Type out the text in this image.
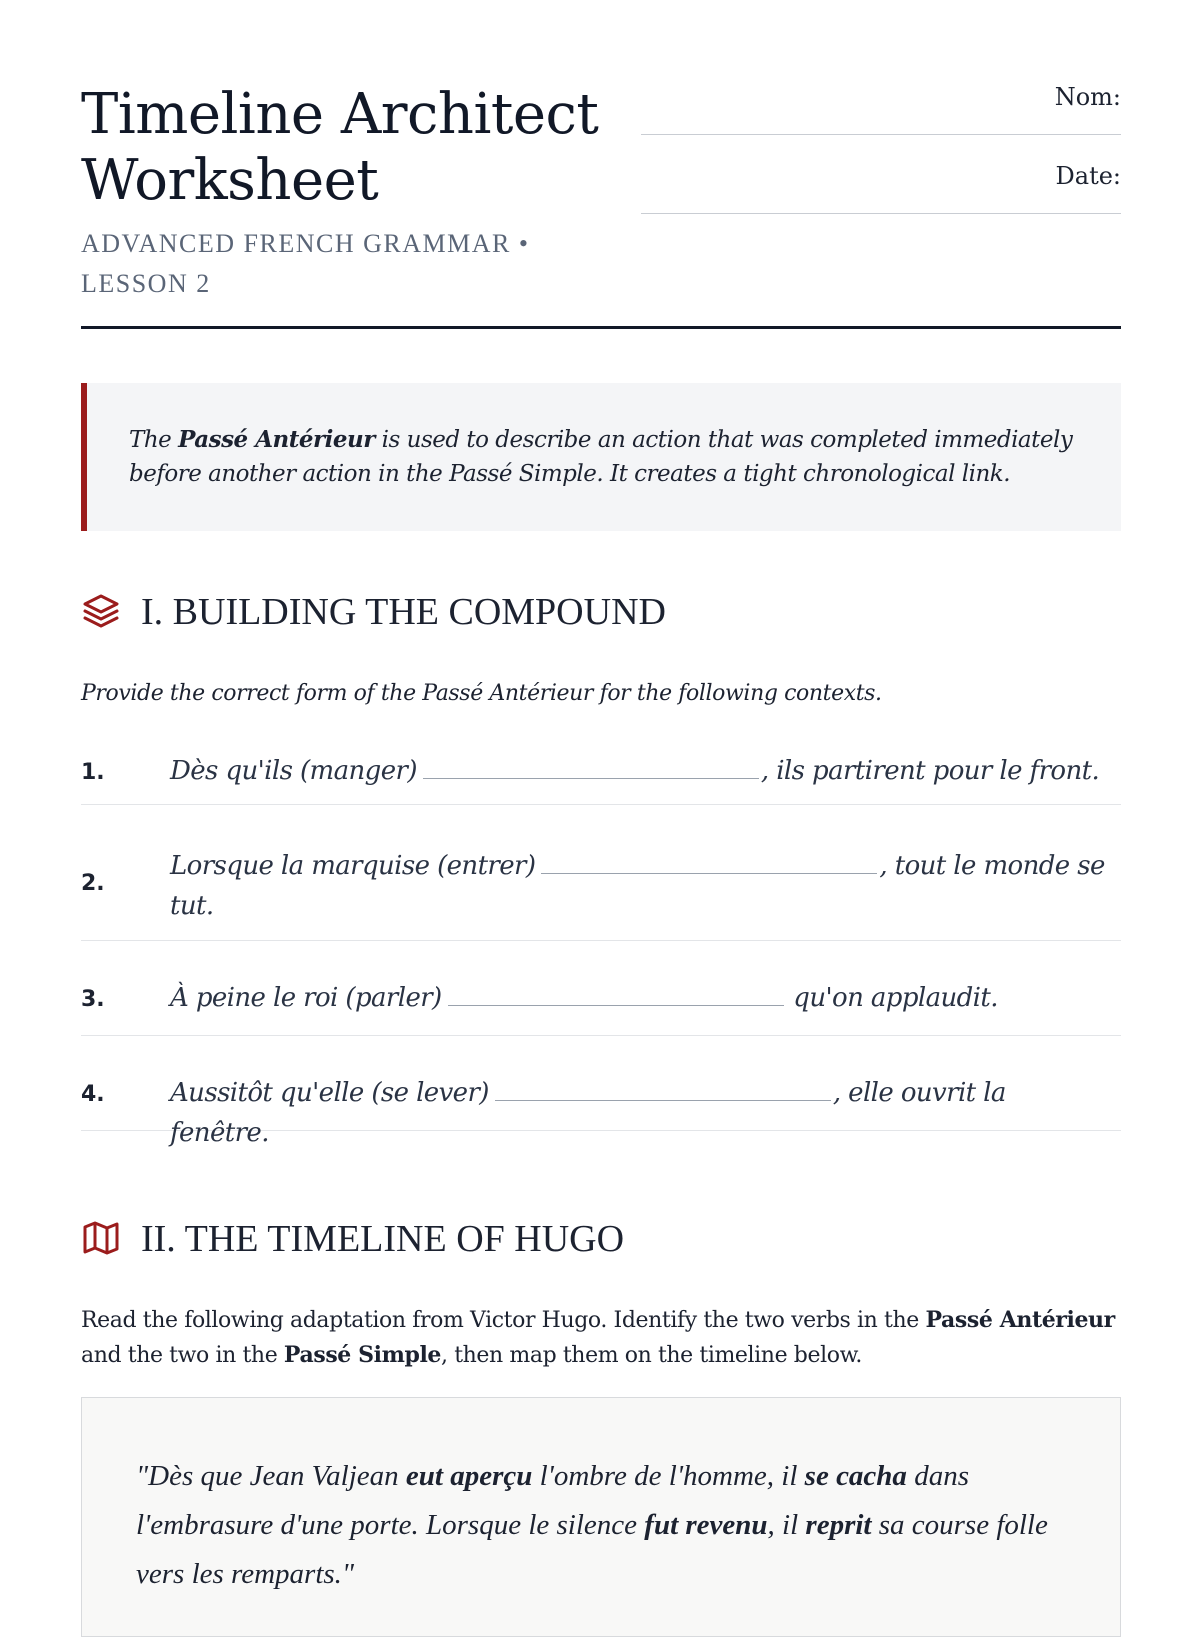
Timeline Architect
Worksheet
ADVANCED FRENCH GRAMMAR •
LESSON 2
Nom:
Date:
The Passé Antérieur is used to describe an action that was completed immediately before another action in the Passé Simple. It creates a tight chronological link.
I. BUILDING THE COMPOUND
Provide the correct form of the Passé Antérieur for the following contexts.
1.	Dès qu'ils (manger)	, ils partirent pour le front.
2.
Lorsque la marquise (entrer)	, tout le monde se tut.
3.	À peine le roi (parler)	qu'on applaudit.
4.	Aussitôt qu'elle (se lever)	, elle ouvrit la fenêtre.
II. THE TIMELINE OF HUGO
Read the following adaptation from Victor Hugo. Identify the two verbs in the Passé Antérieur and the two in the Passé Simple, then map them on the timeline below.
"Dès que Jean Valjean eut aperçu l'ombre de l'homme, il se cacha dans l'embrasure d'une porte. Lorsque le silence fut revenu, il reprit sa course folle vers les remparts."
